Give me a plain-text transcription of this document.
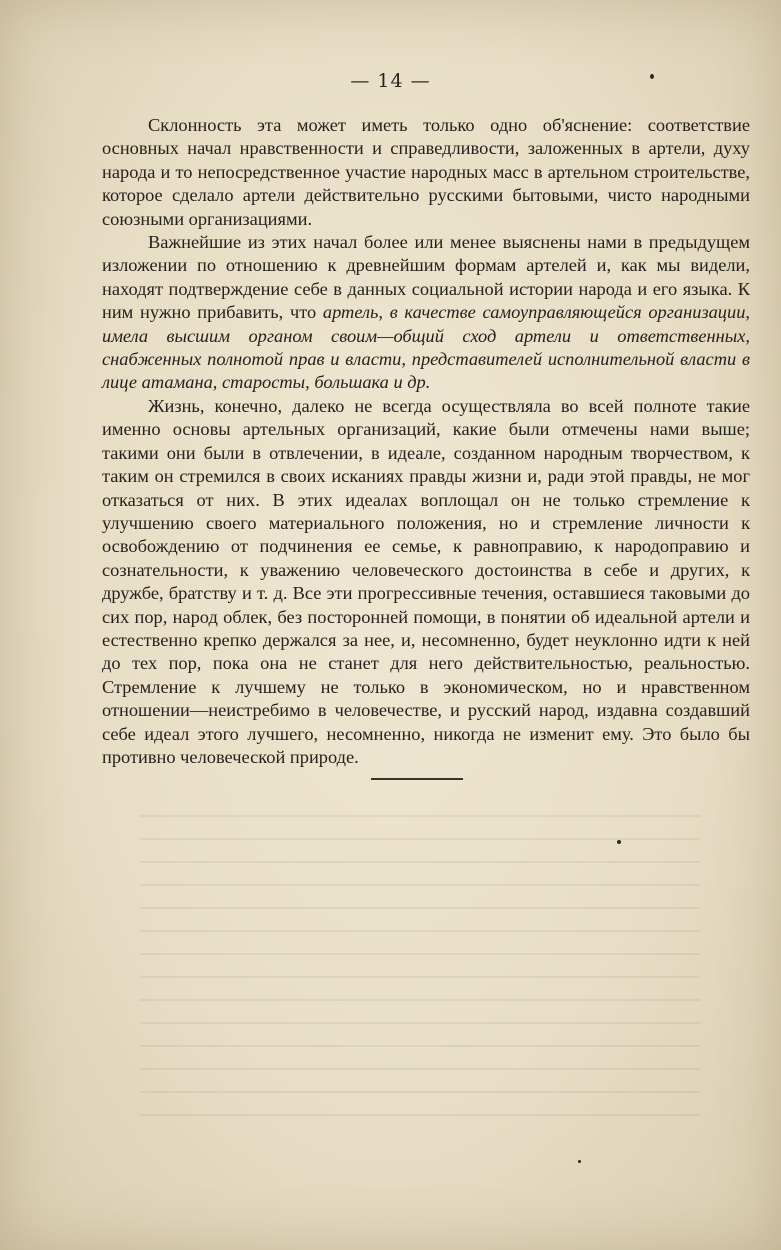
— 14 —

Склонность эта может иметь только одно об'яснение: соответствие основных начал нравственности и справедливости, заложенных в артели, духу народа и то непосредственное участие народных масс в артельном строительстве, которое сделало артели действительно русскими бытовыми, чисто народными союзными организациями.

Важнейшие из этих начал более или менее выяснены нами в предыдущем изложении по отношению к древнейшим формам артелей и, как мы видели, находят подтверждение себе в данных социальной истории народа и его языка. К ним нужно прибавить, что артель, в качестве самоуправляющейся организации, имела высшим органом своим—общий сход артели и ответственных, снабженных полнотой прав и власти, представителей исполнительной власти в лице атамана, старосты, большака и др.

Жизнь, конечно, далеко не всегда осуществляла во всей полноте такие именно основы артельных организаций, какие были отмечены нами выше; такими они были в отвлечении, в идеале, созданном народным творчеством, к таким он стремился в своих исканиях правды жизни и, ради этой правды, не мог отказаться от них. В этих идеалах воплощал он не только стремление к улучшению своего материального положения, но и стремление личности к освобождению от подчинения ее семье, к равноправию, к народоправию и сознательности, к уважению человеческого достоинства в себе и других, к дружбе, братству и т. д. Все эти прогрессивные течения, оставшиеся таковыми до сих пор, народ облек, без посторонней помощи, в понятии об идеальной артели и естественно крепко держался за нее, и, несомненно, будет неуклонно идти к ней до тех пор, пока она не станет для него действительностью, реальностью. Стремление к лучшему не только в экономическом, но и нравственном отношении—неистребимо в человечестве, и русский народ, издавна создавший себе идеал этого лучшего, несомненно, никогда не изменит ему. Это было бы противно человеческой природе.
